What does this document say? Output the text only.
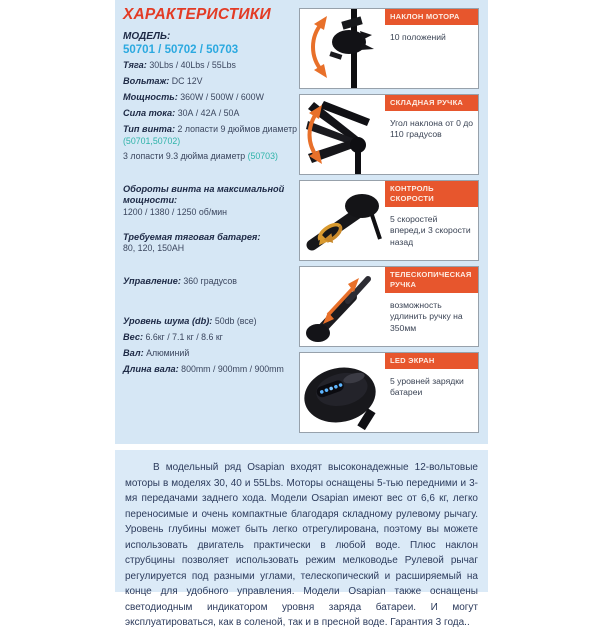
ХАРАКТЕРИСТИКИ
МОДЕЛЬ:
50701 / 50702 / 50703
Тяга: 30Lbs / 40Lbs / 55Lbs
Вольтаж: DC 12V
Мощность: 360W / 500W / 600W
Сила тока: 30А / 42А / 50А
Тип винта: 2 лопасти 9 дюймов диаметр (50701,50702)
3 лопасти 9.3 дюйма диаметр (50703)
Обороты винта на максимальной мощности:
1200 / 1380 / 1250 об/мин
Требуемая тяговая батарея:
80, 120, 150AH
Управление: 360 градусов
Уровень шума (db): 50db (все)
Вес: 6.6кг / 7.1 кг / 8.6 кг
Вал: Алюминий
Длина вала: 800mm / 900mm / 900mm
НАКЛОН МОТОРА
10 положений
СКЛАДНАЯ РУЧКА
Угол наклона от 0 до 110 градусов
КОНТРОЛЬ СКОРОСТИ
5 скоростей вперед,и 3 скорости назад
ТЕЛЕСКОПИЧЕСКАЯ РУЧКА
возможность удлинить ручку на 350мм
LED ЭКРАН
5 уровней зарядки батареи

В модельный ряд Osapian входят высоконадежные 12-вольтовые моторы в моделях 30, 40 и 55Lbs. Моторы оснащены 5-тью передними и 3-мя передачами заднего хода. Модели Osapian имеют вес от 6,6 кг, легко переносимые и очень компактные благодаря складному рулевому рычагу. Уровень глубины может быть легко отрегулирована, поэтому вы можете использовать двигатель практически в любой воде. Плюс наклон струбцины позволяет использовать режим мелководье Рулевой рычаг регулируется под разными углами, телескопический и расширяемый на конце для удобного управления. Модели Osapian также оснащены светодиодным индикатором уровня заряда батареи. И могут эксплуатироваться, как в соленой, так и в пресной воде. Гарантия 3 года..
